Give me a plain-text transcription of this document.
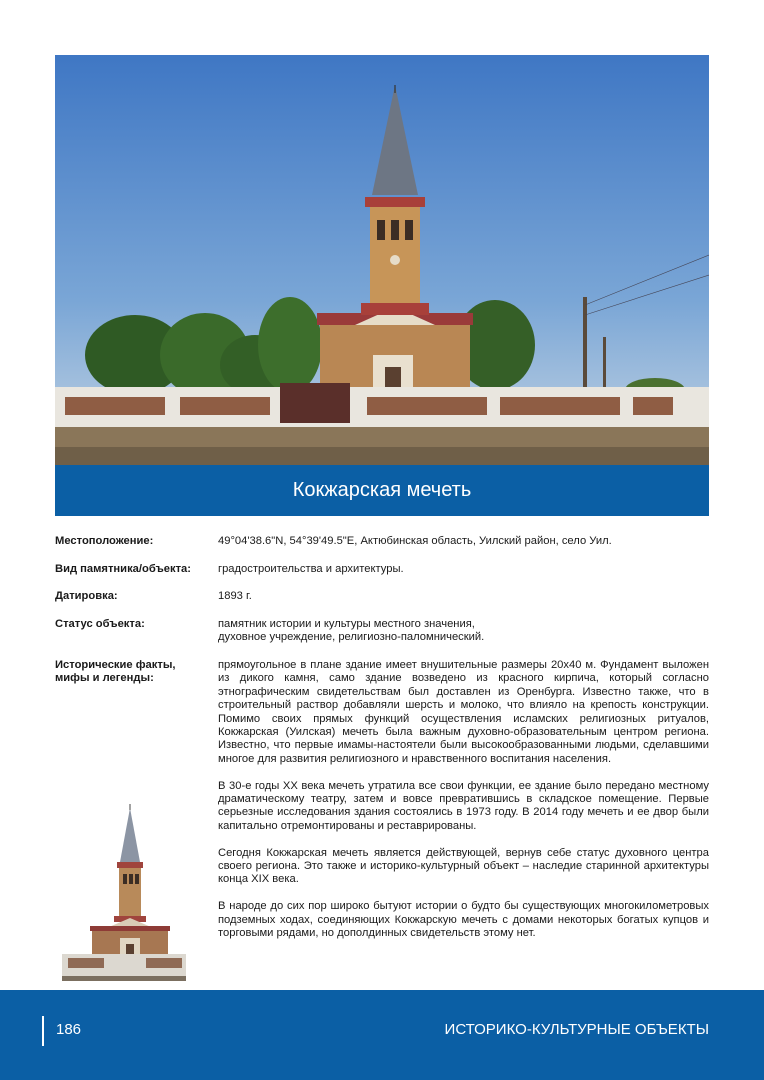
Кокжарская мечеть
Местоположение:	49°04'38.6"N, 54°39'49.5"E, Актюбинская область, Уилский район, село Уил.
Вид памятника/объекта:	градостроительства и архитектуры.
Датировка:	1893 г.
Статус объекта:	памятник истории и культуры местного значения,
духовное учреждение, религиозно-паломнический.
Исторические факты,
мифы и легенды:

прямоугольное в плане здание имеет внушительные размеры 20х40 м. Фундамент выложен из дикого камня, само здание возведено из красного кирпича, который согласно этнографическим свидетельствам был доставлен из Оренбурга. Известно также, что в строительный раствор добавляли шерсть и молоко, что влияло на крепость конструкции. Помимо своих прямых функций осуществления исламских религиозных ритуалов, Кокжарская (Уилская) мечеть была важным духовно-образовательным центром региона. Известно, что первые имамы-настоятели были высокообразованными людьми, сделавшими многое для развития религиозного и нравственного воспитания населения.

В 30-е годы XX века мечеть утратила все свои функции, ее здание было передано местному драматическому театру, затем и вовсе превратившись в складское помещение. Первые серьезные исследования здания состоялись в 1973 году. В 2014 году мечеть и ее двор были капитально отремонтированы и реставрированы.

Сегодня Кокжарская мечеть является действующей, вернув себе статус духовного центра своего региона. Это также и историко-культурный объект – наследие старинной архитектуры конца XIX века.

В народе до сих пор широко бытуют истории о будто бы существующих многокилометровых подземных ходах, соединяющих Кокжарскую мечеть с домами некоторых богатых купцов и торговыми рядами, но дополдинных свидетельств этому нет.

186	ИСТОРИКО-КУЛЬТУРНЫЕ ОБЪЕКТЫ
